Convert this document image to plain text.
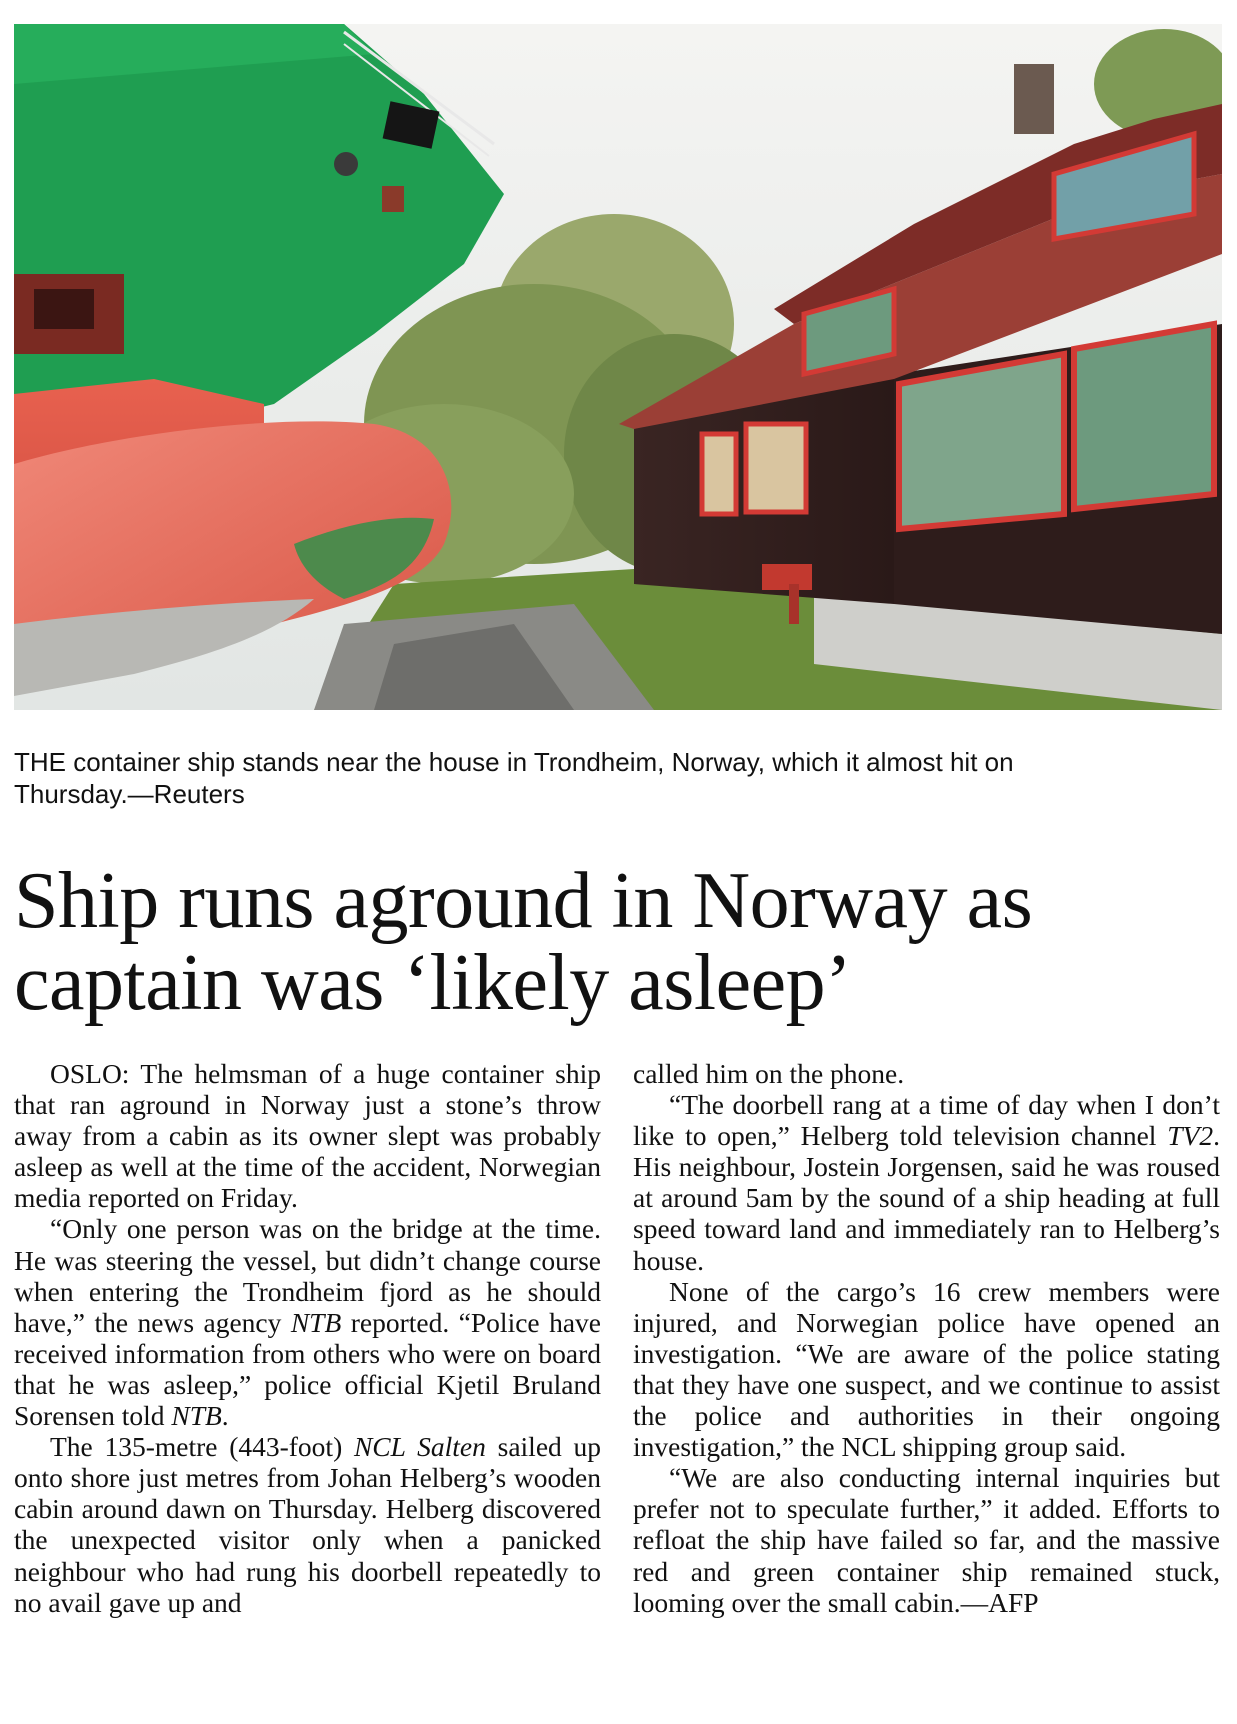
THE container ship stands near the house in Trondheim, Norway, which it almost hit on Thursday.—Reuters

Ship runs aground in Norway as captain was ‘likely asleep’

OSLO: The helmsman of a huge container ship that ran aground in Norway just a stone’s throw away from a cabin as its owner slept was probably asleep as well at the time of the accident, Norwegian media reported on Friday.

“Only one person was on the bridge at the time. He was steering the vessel, but didn’t change course when entering the Trondheim fjord as he should have,” the news agency NTB reported. “Police have received information from others who were on board that he was asleep,” police official Kjetil Bruland Sorensen told NTB.

The 135-metre (443-foot) NCL Salten sailed up onto shore just metres from Johan Helberg’s wooden cabin around dawn on Thursday. Helberg discovered the unexpected visitor only when a panicked neighbour who had rung his doorbell repeatedly to no avail gave up and

called him on the phone.

“The doorbell rang at a time of day when I don’t like to open,” Helberg told television channel TV2. His neighbour, Jostein Jorgensen, said he was roused at around 5am by the sound of a ship heading at full speed toward land and immediately ran to Helberg’s house.

None of the cargo’s 16 crew members were injured, and Norwegian police have opened an investigation. “We are aware of the police stating that they have one suspect, and we continue to assist the police and authorities in their ongoing investigation,” the NCL shipping group said.

“We are also conducting internal inquiries but prefer not to speculate further,” it added. Efforts to refloat the ship have failed so far, and the massive red and green container ship remained stuck, looming over the small cabin.—AFP
